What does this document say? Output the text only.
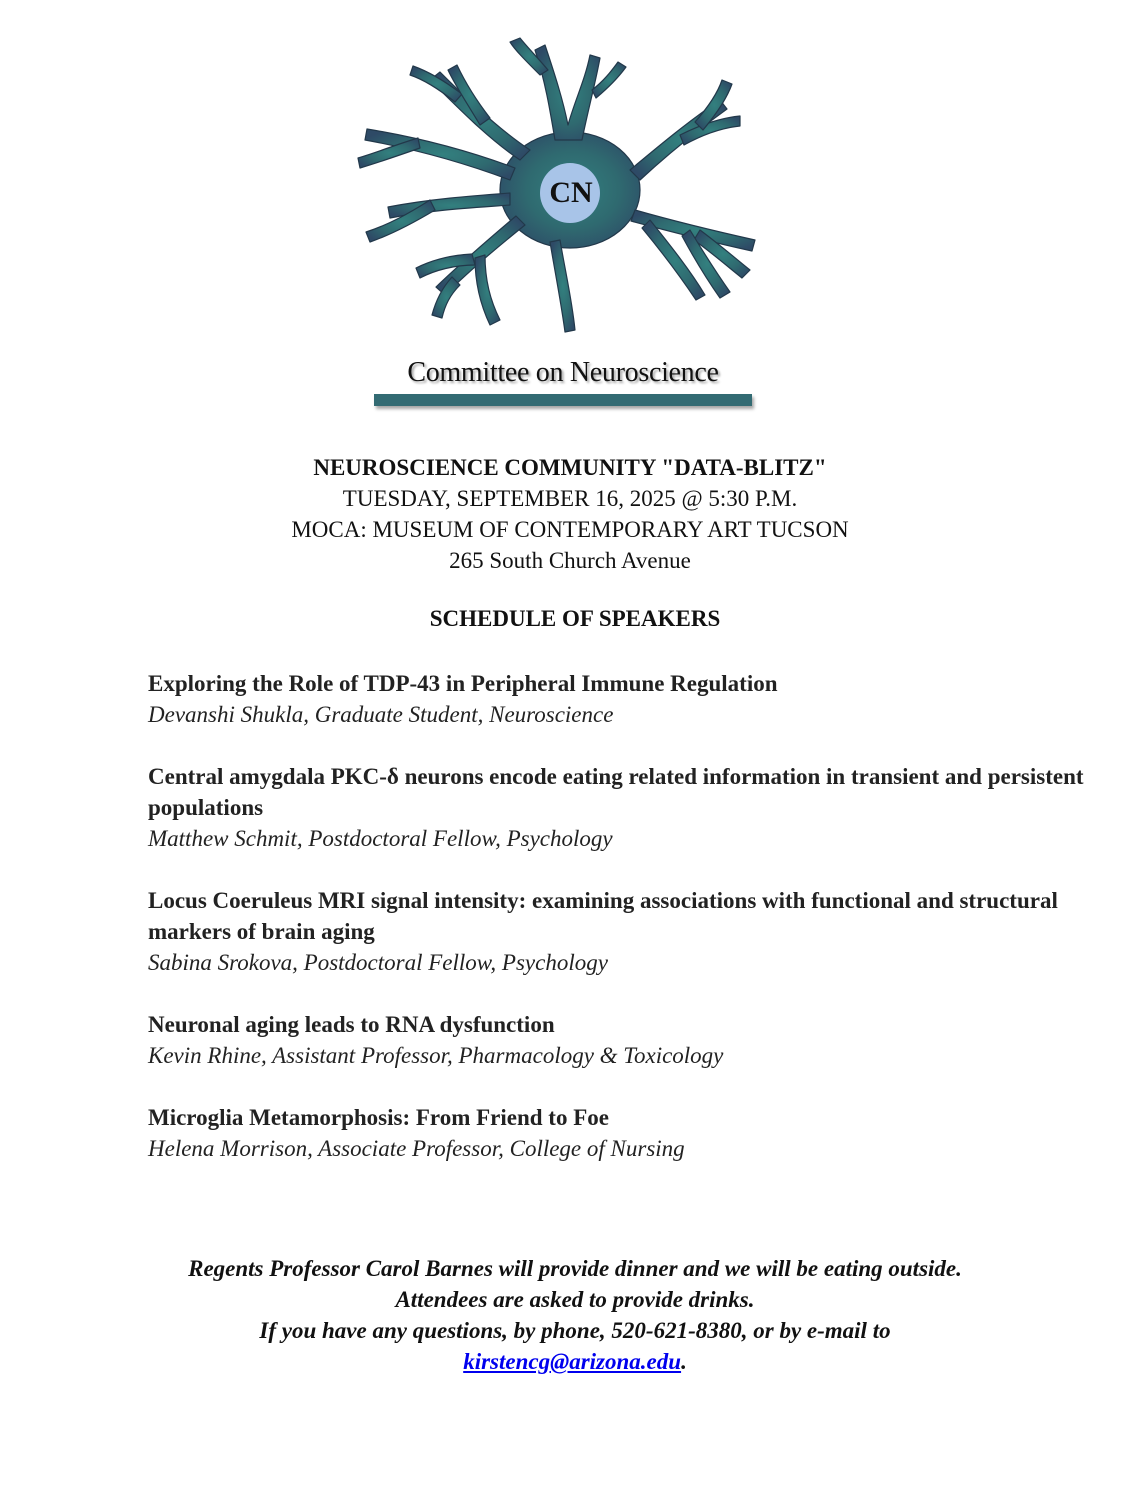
CN
Committee on Neuroscience
NEUROSCIENCE COMMUNITY "DATA-BLITZ"
TUESDAY, SEPTEMBER 16, 2025 @ 5:30 P.M.
MOCA: MUSEUM OF CONTEMPORARY ART TUCSON
265 South Church Avenue
SCHEDULE OF SPEAKERS
Exploring the Role of TDP-43 in Peripheral Immune Regulation
Devanshi Shukla, Graduate Student, Neuroscience
Central amygdala PKC-δ neurons encode eating related information in transient and persistent populations
Matthew Schmit, Postdoctoral Fellow, Psychology
Locus Coeruleus MRI signal intensity: examining associations with functional and structural markers of brain aging
Sabina Srokova, Postdoctoral Fellow, Psychology
Neuronal aging leads to RNA dysfunction
Kevin Rhine, Assistant Professor, Pharmacology & Toxicology
Microglia Metamorphosis: From Friend to Foe
Helena Morrison, Associate Professor, College of Nursing
Regents Professor Carol Barnes will provide dinner and we will be eating outside.
Attendees are asked to provide drinks.
If you have any questions, by phone, 520-621-8380, or by e-mail to
kirstencg@arizona.edu.
